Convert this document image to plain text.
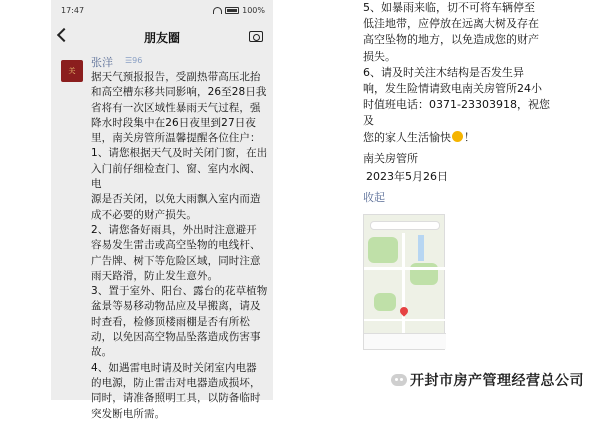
17:47	100%
朋友圈
关
张洋 ☰96

据天气预报报告，受副热带高压北抬

和高空槽东移共同影响，26至28日我

省将有一次区域性暴雨天气过程，强

降水时段集中在26日夜里到27日夜

里，南关房管所温馨提醒各位住户：

1、请您根据天气及时关闭门窗，在出

入门前仔细检查门、窗、室内水阀、电

源是否关闭，以免大雨飘入室内而造

成不必要的财产损失。

2、请您备好雨具，外出时注意避开

容易发生雷击或高空坠物的电线杆、

广告牌、树下等危险区域，同时注意

雨天路滑，防止发生意外。

3、置于室外、阳台、露台的花草植物

盆景等易移动物品应及早搬离，请及

时查看，检修顶楼雨棚是否有所松

动，以免因高空物品坠落造成伤害事

故。

4、如遇雷电时请及时关闭室内电器

的电源，防止雷击对电器造成损坏，

同时，请准备照明工具，以防备临时

突发断电所需。

5、如暴雨来临，切不可将车辆停至

低洼地带，应停放在远离大树及存在

高空坠物的地方，以免造成您的财产

损失。

6、请及时关注木结构是否发生异

响，发生险情请致电南关房管所24小

时值班电话：0371-23303918，祝您及

您的家人生活愉快 ！

南关房管所
2023年5月26日
收起
开封市房产管理经营总公司
